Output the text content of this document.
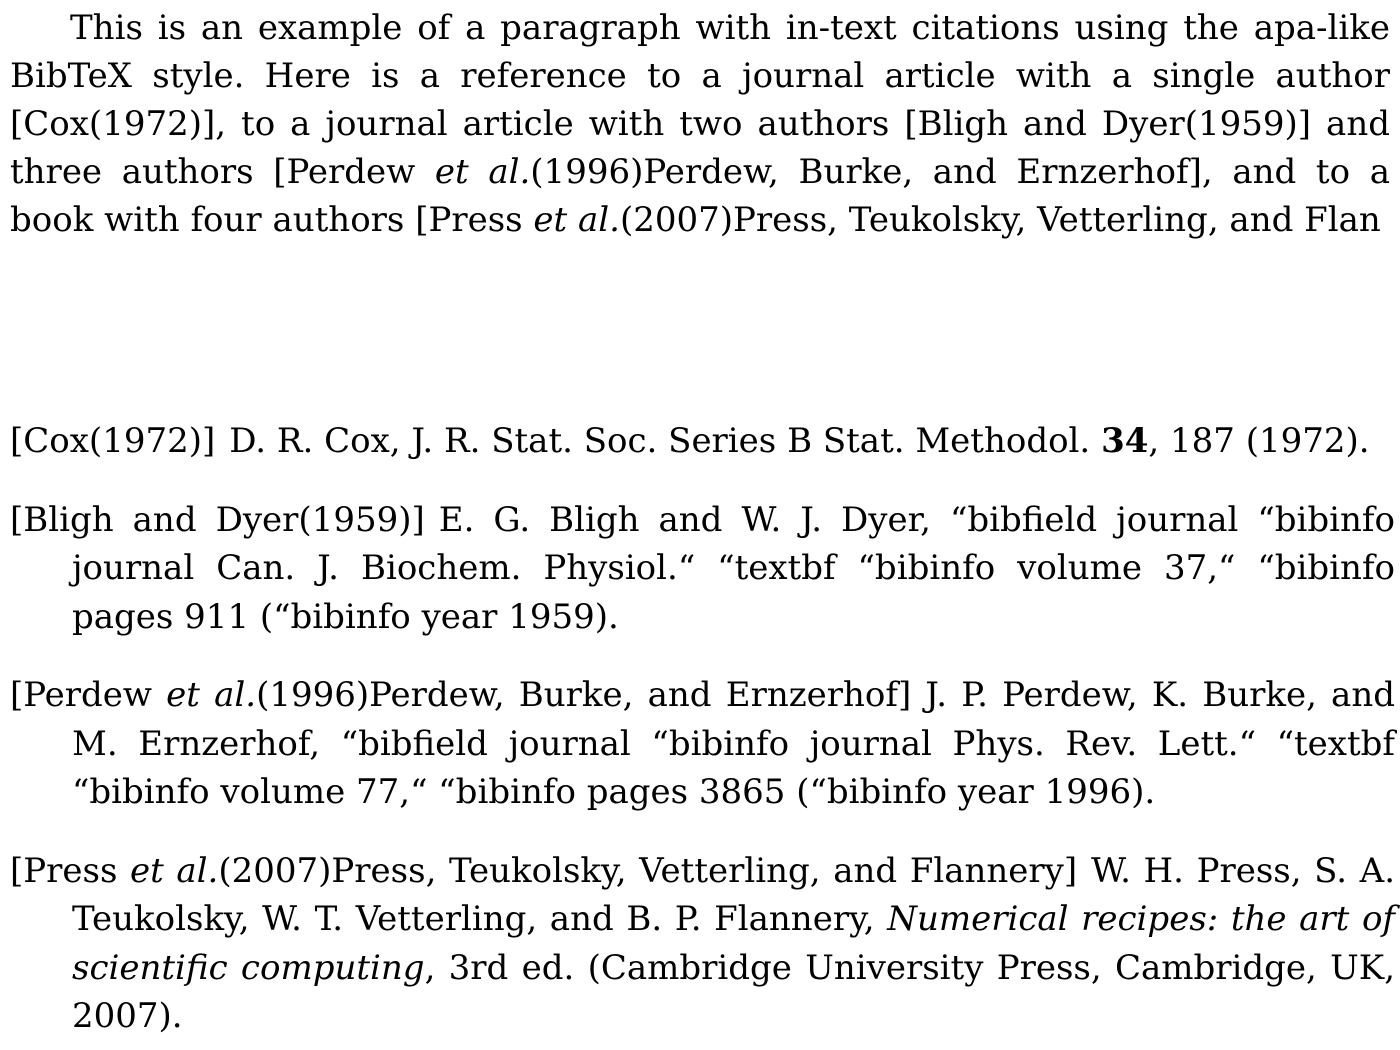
This is an example of a paragraph with in-text citations using the apa-like BibTeX style. Here is a reference to a journal article with a single author [Cox(1972)], to a journal article with two authors [Bligh and Dyer(1959)] and three authors [Perdew et al.(1996)Perdew, Burke, and Ernzerhof], and to a book with four authors [Press et al.(2007)Press, Teukolsky, Vetterling, and Flan

[Cox(1972)] D. R. Cox, J. R. Stat. Soc. Series B Stat. Methodol. 34, 187 (1972).
[Bligh and Dyer(1959)] E. G. Bligh and W. J. Dyer, “bibfield journal “bibinfo journal Can. J. Biochem. Physiol.“ “textbf “bibinfo volume 37,“ “bibinfo pages 911 (“bibinfo year 1959).
[Perdew et al.(1996)Perdew, Burke, and Ernzerhof] J. P. Perdew, K. Burke, and M. Ernzerhof, “bibfield journal “bibinfo journal Phys. Rev. Lett.“ “textbf “bibinfo volume 77,“ “bibinfo pages 3865 (“bibinfo year 1996).
[Press et al.(2007)Press, Teukolsky, Vetterling, and Flannery] W. H. Press, S. A. Teukolsky, W. T. Vetterling, and B. P. Flannery, Numerical recipes: the art of scientific computing, 3rd ed. (Cambridge University Press, Cambridge, UK, 2007).
